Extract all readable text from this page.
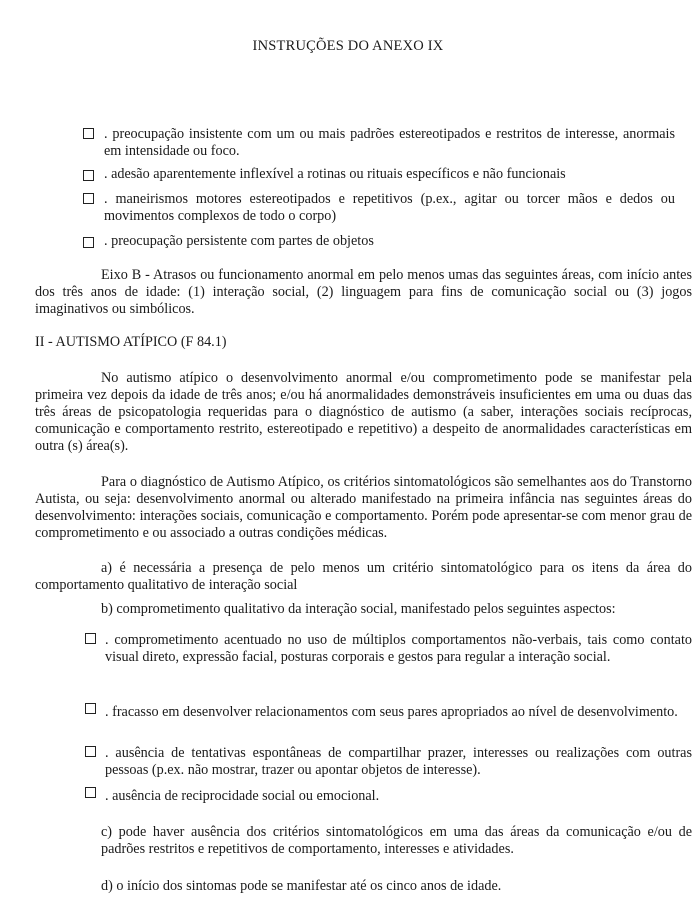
INSTRUÇÕES DO ANEXO IX

. preocupação insistente com um ou mais padrões estereotipados e restritos de interesse, anormais em intensidade ou foco.

. adesão aparentemente inflexível a rotinas ou rituais específicos e não funcionais

. maneirismos motores estereotipados e repetitivos (p.ex., agitar ou torcer mãos e dedos ou movimentos complexos de todo o corpo)

. preocupação persistente com partes de objetos

Eixo B - Atrasos ou funcionamento anormal em pelo menos umas das seguintes áreas, com início antes dos três anos de idade: (1) interação social, (2) linguagem para fins de comunicação social ou (3) jogos imaginativos ou simbólicos.

II - AUTISMO ATÍPICO (F 84.1)

No autismo atípico o desenvolvimento anormal e/ou comprometimento pode se manifestar pela primeira vez depois da idade de três anos; e/ou há anormalidades demonstráveis insuficientes em uma ou duas das três áreas de psicopatologia requeridas para o diagnóstico de autismo (a saber, interações sociais recíprocas, comunicação e comportamento restrito, estereotipado e repetitivo) a despeito de anormalidades características em outra (s) área(s).

Para o diagnóstico de Autismo Atípico, os critérios sintomatológicos são semelhantes aos do Transtorno Autista, ou seja: desenvolvimento anormal ou alterado manifestado na primeira infância nas seguintes áreas do desenvolvimento: interações sociais, comunicação e comportamento. Porém pode apresentar-se com menor grau de comprometimento e ou associado a outras condições médicas.

a) é necessária a presença de pelo menos um critério sintomatológico para os itens da área do comportamento qualitativo de interação social

b) comprometimento qualitativo da interação social, manifestado pelos seguintes aspectos:

. comprometimento acentuado no uso de múltiplos comportamentos não-verbais, tais como contato visual direto, expressão facial, posturas corporais e gestos para regular a interação social.

. fracasso em desenvolver relacionamentos com seus pares apropriados ao nível de desenvolvimento.

. ausência de tentativas espontâneas de compartilhar prazer, interesses ou realizações com outras pessoas (p.ex. não mostrar, trazer ou apontar objetos de interesse).

. ausência de reciprocidade social ou emocional.

c) pode haver ausência dos critérios sintomatológicos em uma das áreas da comunicação e/ou de padrões restritos e repetitivos de comportamento, interesses e atividades.

d) o início dos sintomas pode se manifestar até os cinco anos de idade.
